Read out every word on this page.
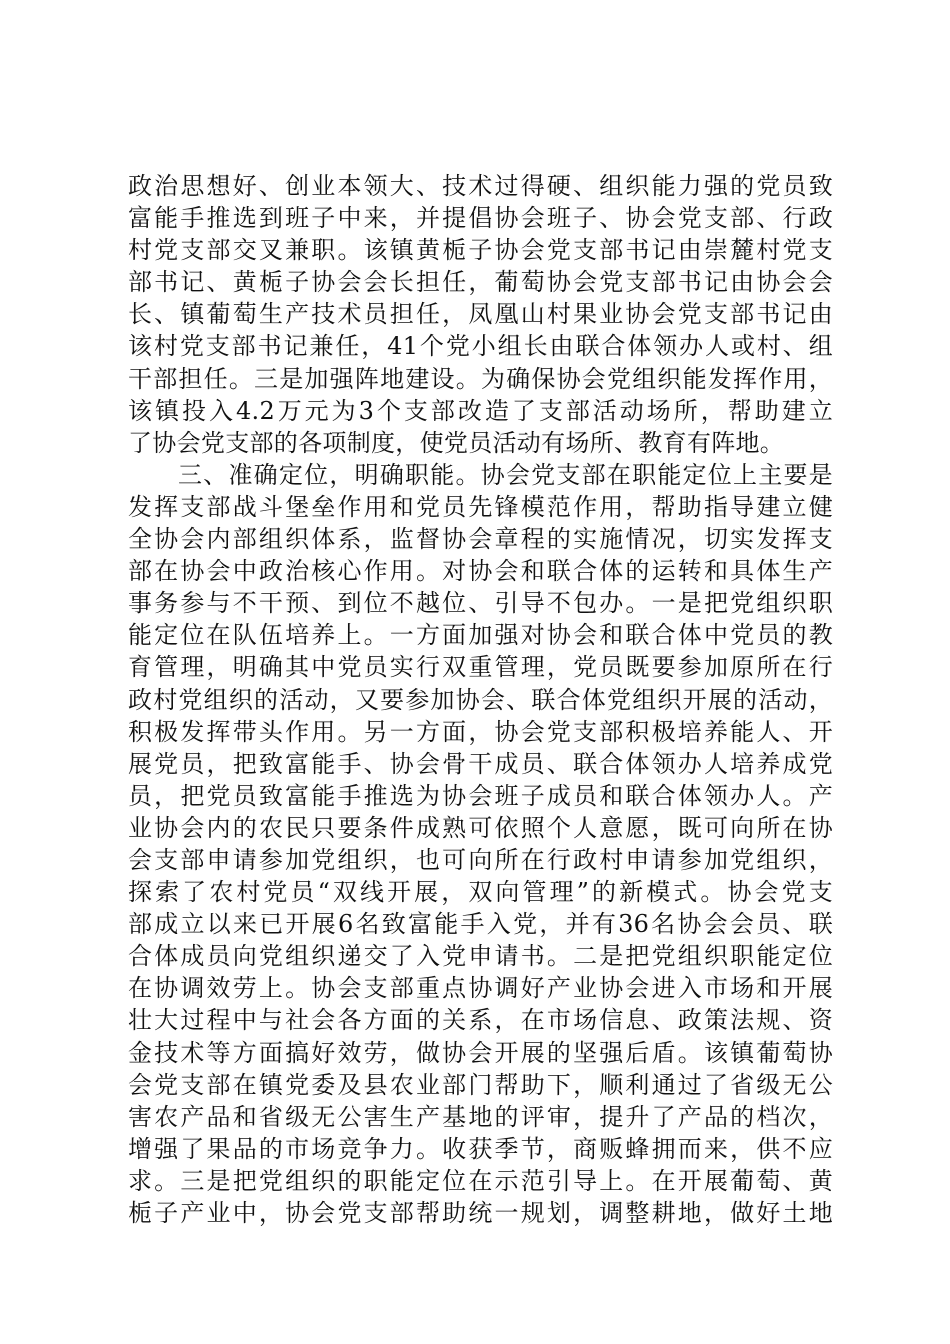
政治思想好、创业本领大、技术过得硬、组织能力强的党员致
富能手推选到班子中来，并提倡协会班子、协会党支部、行政
村党支部交叉兼职。该镇黄栀子协会党支部书记由崇麓村党支
部书记、黄栀子协会会长担任，葡萄协会党支部书记由协会会
长、镇葡萄生产技术员担任，凤凰山村果业协会党支部书记由
该村党支部书记兼任，41个党小组长由联合体领办人或村、组
干部担任。三是加强阵地建设。为确保协会党组织能发挥作用，
该镇投入4.2万元为3个支部改造了支部活动场所，帮助建立
了协会党支部的各项制度，使党员活动有场所、教育有阵地。
三、准确定位，明确职能。协会党支部在职能定位上主要是
发挥支部战斗堡垒作用和党员先锋模范作用，帮助指导建立健
全协会内部组织体系，监督协会章程的实施情况，切实发挥支
部在协会中政治核心作用。对协会和联合体的运转和具体生产
事务参与不干预、到位不越位、引导不包办。一是把党组织职
能定位在队伍培养上。一方面加强对协会和联合体中党员的教
育管理，明确其中党员实行双重管理，党员既要参加原所在行
政村党组织的活动，又要参加协会、联合体党组织开展的活动，
积极发挥带头作用。另一方面，协会党支部积极培养能人、开
展党员，把致富能手、协会骨干成员、联合体领办人培养成党
员，把党员致富能手推选为协会班子成员和联合体领办人。产
业协会内的农民只要条件成熟可依照个人意愿，既可向所在协
会支部申请参加党组织，也可向所在行政村申请参加党组织，
探索了农村党员“双线开展，双向管理”的新模式。协会党支
部成立以来已开展6名致富能手入党，并有36名协会会员、联
合体成员向党组织递交了入党申请书。二是把党组织职能定位
在协调效劳上。协会支部重点协调好产业协会进入市场和开展
壮大过程中与社会各方面的关系，在市场信息、政策法规、资
金技术等方面搞好效劳，做协会开展的坚强后盾。该镇葡萄协
会党支部在镇党委及县农业部门帮助下，顺利通过了省级无公
害农产品和省级无公害生产基地的评审，提升了产品的档次，
增强了果品的市场竞争力。收获季节，商贩蜂拥而来，供不应
求。三是把党组织的职能定位在示范引导上。在开展葡萄、黄
栀子产业中，协会党支部帮助统一规划，调整耕地，做好土地
